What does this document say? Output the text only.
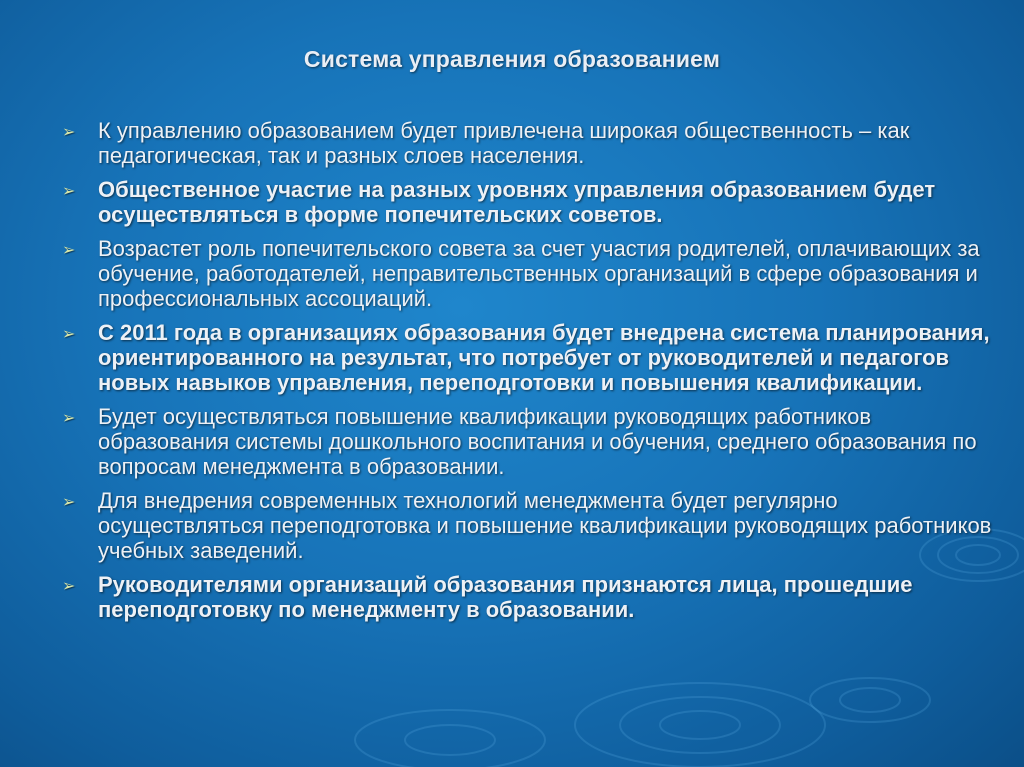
Система управления образованием
➢ К управлению образованием будет привлечена широкая общественность – как педагогическая, так и разных слоев населения.
➢ Общественное участие на разных уровнях управления образованием будет осуществляться в форме попечительских советов.
➢ Возрастет роль попечительского совета за счет участия родителей, оплачивающих за обучение, работодателей, неправительственных организаций в сфере образования и профессиональных ассоциаций.
➢ С 2011 года в организациях образования будет внедрена система планирования, ориентированного на результат, что потребует от руководителей и педагогов новых навыков управления, переподготовки и повышения квалификации.
➢ Будет осуществляться повышение квалификации руководящих работников образования системы дошкольного воспитания и обучения, среднего образования по вопросам менеджмента в образовании.
➢ Для внедрения современных технологий менеджмента будет регулярно осуществляться переподготовка и повышение квалификации руководящих работников учебных заведений.
➢ Руководителями организаций образования признаются лица, прошедшие переподготовку по менеджменту в образовании.
